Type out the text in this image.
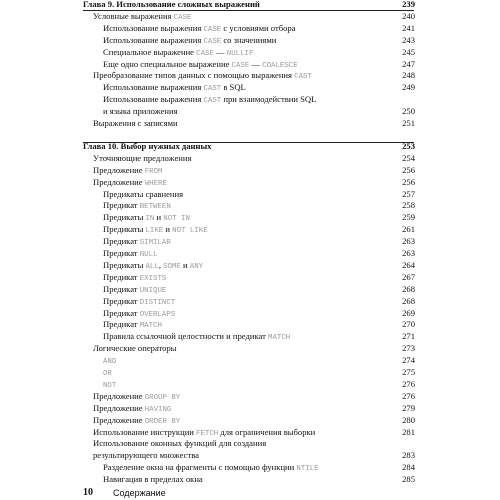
Глава 9. Использование сложных выражений	239
Условные выражения CASE	240
Использование выражения CASE с условиями отбора	241
Использование выражения CASE со значениями	243
Специальное выражение CASE — NULLIF	245
Еще одно специальное выражение CASE — COALESCE	247
Преобразование типов данных с помощью выражения CAST	248
Использование выражения CAST в SQL	249
Использование выражения CAST при взаимодействии SQL
и языка приложения	250
Выражения с записями	251
Глава 10. Выбор нужных данных	253
Уточняющие предложения	254
Предложение FROM	256
Предложение WHERE	256
Предикаты сравнения	257
Предикат BETWEEN	258
Предикаты IN и NOT IN	259
Предикаты LIKE и NOT LIKE	261
Предикат SIMILAR	263
Предикат NULL	263
Предикаты ALL, SOME и ANY	264
Предикат EXISTS	267
Предикат UNIQUE	268
Предикат DISTINCT	268
Предикат OVERLAPS	269
Предикат MATCH	270
Правила ссылочной целостности и предикат MATCH	271
Логические операторы	273
AND	274
OR	275
NOT	276
Предложение GROUP BY	276
Предложение HAVING	279
Предложение ORDER BY	280
Использование инструкции FETCH для ограничения выборки	281
Использование оконных функций для создания
результирующего множества	283
Разделение окна на фрагменты с помощью функции NTILE	284
Навигация в пределах окна	285
10 Содержание
